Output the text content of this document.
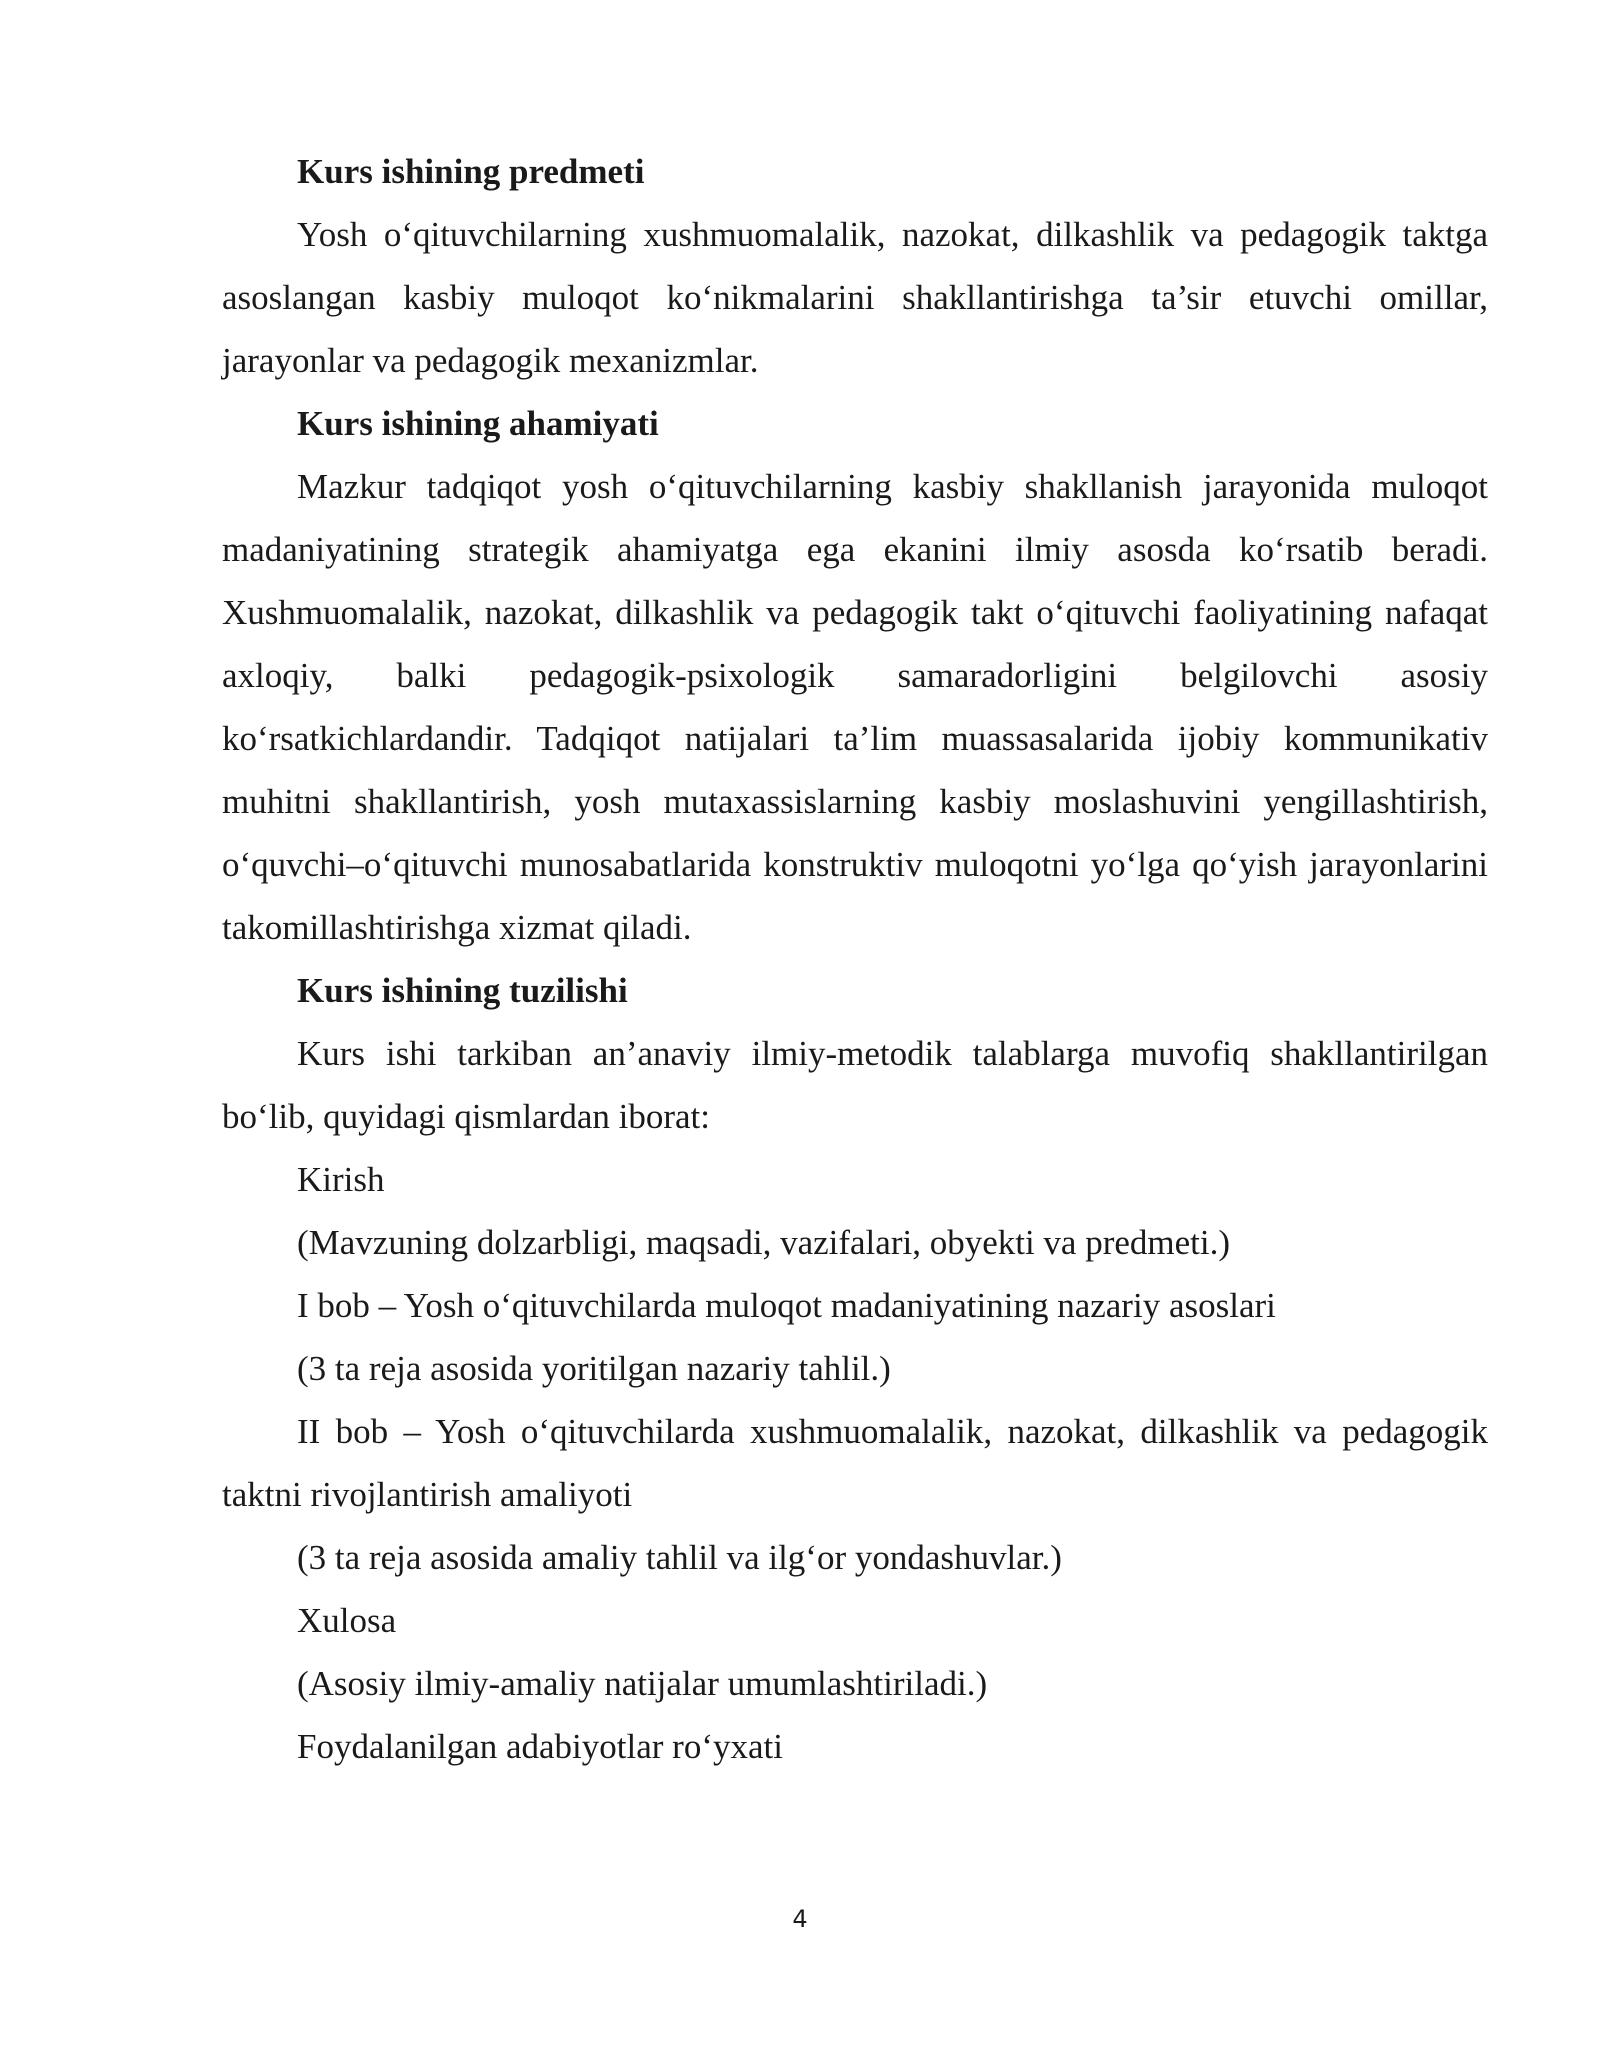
Kurs ishining predmeti

Yosh o‘qituvchilarning xushmuomalalik, nazokat, dilkashlik va pedagogik taktga asoslangan kasbiy muloqot ko‘nikmalarini shakllantirishga ta’sir etuvchi omillar, jarayonlar va pedagogik mexanizmlar.

Kurs ishining ahamiyati

Mazkur tadqiqot yosh o‘qituvchilarning kasbiy shakllanish jarayonida muloqot madaniyatining strategik ahamiyatga ega ekanini ilmiy asosda ko‘rsatib beradi. Xushmuomalalik, nazokat, dilkashlik va pedagogik takt o‘qituvchi faoliyatining nafaqat axloqiy, balki pedagogik-psixologik samaradorligini belgilovchi asosiy ko‘rsatkichlardandir. Tadqiqot natijalari ta’lim muassasalarida ijobiy kommunikativ muhitni shakllantirish, yosh mutaxassislarning kasbiy moslashuvini yengillashtirish, o‘quvchi–o‘qituvchi munosabatlarida konstruktiv muloqotni yo‘lga qo‘yish jarayonlarini takomillashtirishga xizmat qiladi.

Kurs ishining tuzilishi

Kurs ishi tarkiban an’anaviy ilmiy-metodik talablarga muvofiq shakllantirilgan bo‘lib, quyidagi qismlardan iborat:

Kirish

(Mavzuning dolzarbligi, maqsadi, vazifalari, obyekti va predmeti.)

I bob – Yosh o‘qituvchilarda muloqot madaniyatining nazariy asoslari

(3 ta reja asosida yoritilgan nazariy tahlil.)

II bob – Yosh o‘qituvchilarda xushmuomalalik, nazokat, dilkashlik va pedagogik taktni rivojlantirish amaliyoti

(3 ta reja asosida amaliy tahlil va ilg‘or yondashuvlar.)

Xulosa

(Asosiy ilmiy-amaliy natijalar umumlashtiriladi.)

Foydalanilgan adabiyotlar ro‘yxati

4
